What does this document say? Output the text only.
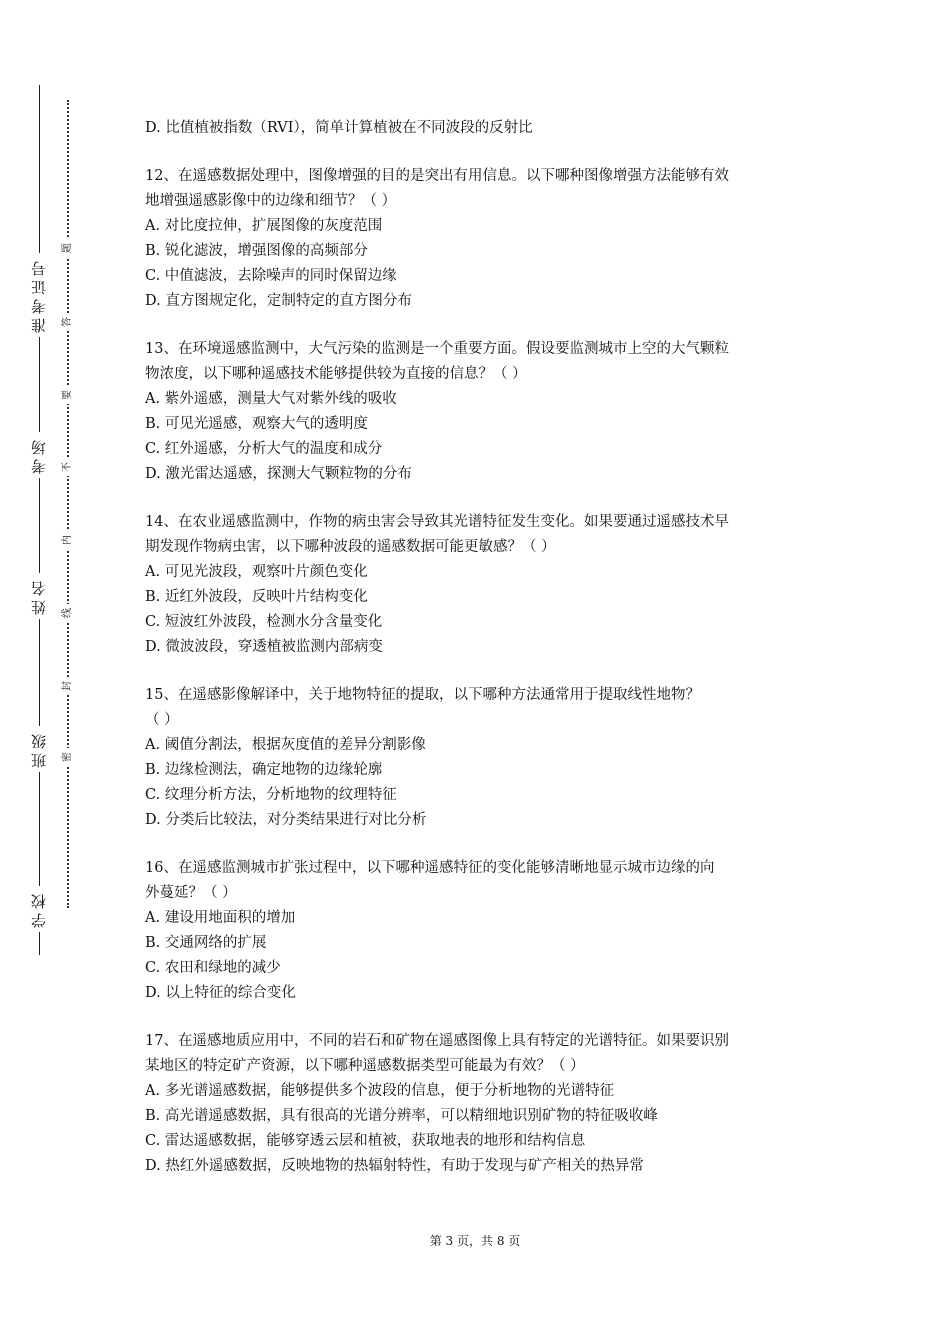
准考证号
考场
姓名
班级
学校
题
答
要
不
内
线
封
密
D. 比值植被指数（RVI），简单计算植被在不同波段的反射比
12、在遥感数据处理中，图像增强的目的是突出有用信息。以下哪种图像增强方法能够有效
地增强遥感影像中的边缘和细节？（ ）
A. 对比度拉伸，扩展图像的灰度范围
B. 锐化滤波，增强图像的高频部分
C. 中值滤波，去除噪声的同时保留边缘
D. 直方图规定化，定制特定的直方图分布
13、在环境遥感监测中，大气污染的监测是一个重要方面。假设要监测城市上空的大气颗粒
物浓度，以下哪种遥感技术能够提供较为直接的信息？（ ）
A. 紫外遥感，测量大气对紫外线的吸收
B. 可见光遥感，观察大气的透明度
C. 红外遥感，分析大气的温度和成分
D. 激光雷达遥感，探测大气颗粒物的分布
14、在农业遥感监测中，作物的病虫害会导致其光谱特征发生变化。如果要通过遥感技术早
期发现作物病虫害，以下哪种波段的遥感数据可能更敏感？（ ）
A. 可见光波段，观察叶片颜色变化
B. 近红外波段，反映叶片结构变化
C. 短波红外波段，检测水分含量变化
D. 微波波段，穿透植被监测内部病变
15、在遥感影像解译中，关于地物特征的提取，以下哪种方法通常用于提取线性地物？
（ ）
A. 阈值分割法，根据灰度值的差异分割影像
B. 边缘检测法，确定地物的边缘轮廓
C. 纹理分析方法，分析地物的纹理特征
D. 分类后比较法，对分类结果进行对比分析
16、在遥感监测城市扩张过程中，以下哪种遥感特征的变化能够清晰地显示城市边缘的向
外蔓延？（ ）
A. 建设用地面积的增加
B. 交通网络的扩展
C. 农田和绿地的减少
D. 以上特征的综合变化
17、在遥感地质应用中，不同的岩石和矿物在遥感图像上具有特定的光谱特征。如果要识别
某地区的特定矿产资源，以下哪种遥感数据类型可能最为有效？（ ）
A. 多光谱遥感数据，能够提供多个波段的信息，便于分析地物的光谱特征
B. 高光谱遥感数据，具有很高的光谱分辨率，可以精细地识别矿物的特征吸收峰
C. 雷达遥感数据，能够穿透云层和植被，获取地表的地形和结构信息
D. 热红外遥感数据，反映地物的热辐射特性，有助于发现与矿产相关的热异常
第 3 页，共 8 页
